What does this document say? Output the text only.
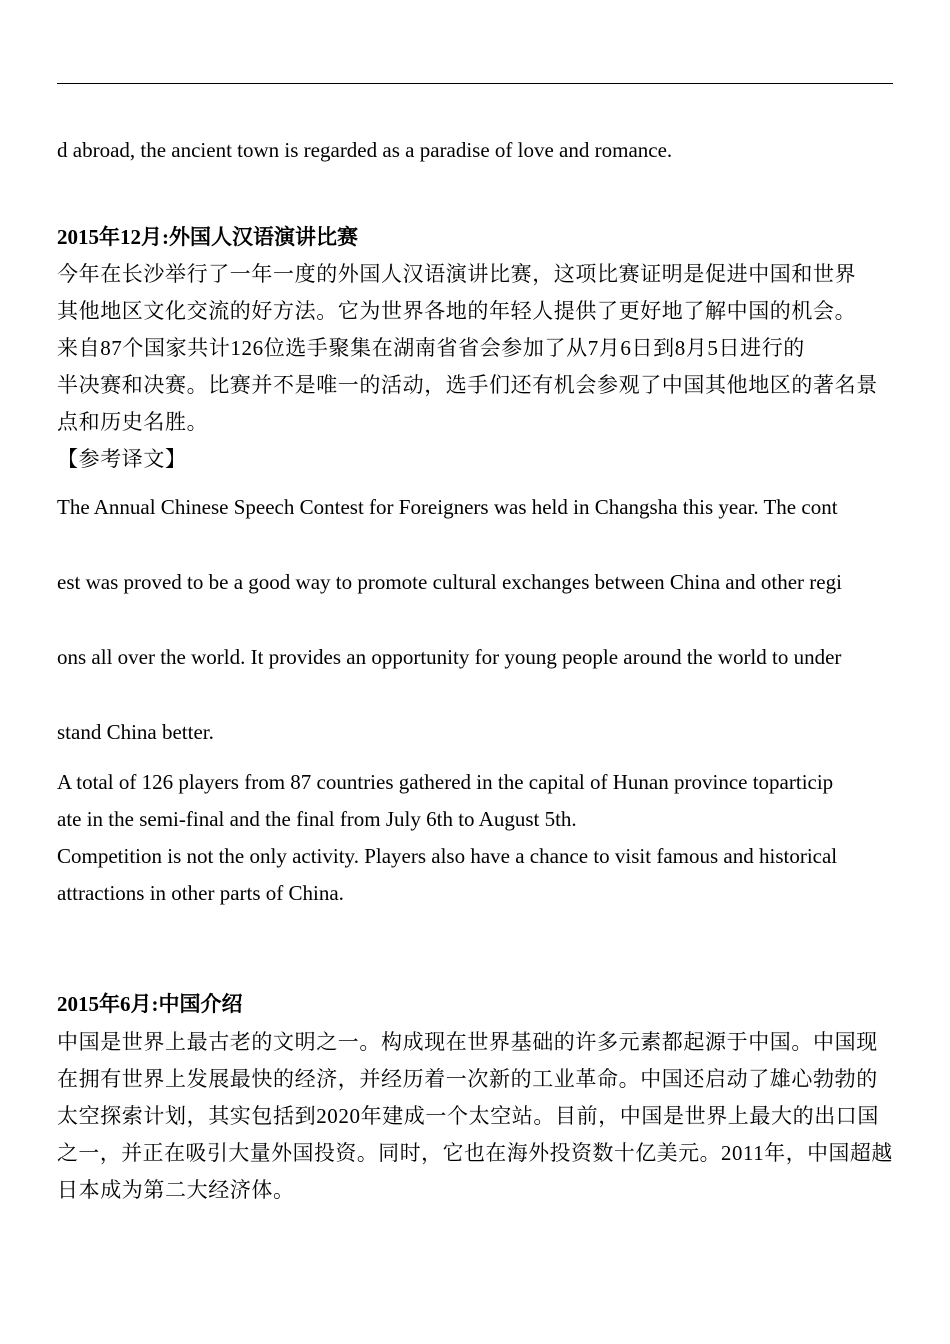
d abroad, the ancient town is regarded as a paradise of love and romance.
2015年12月:外国人汉语演讲比赛
今年在长沙举行了一年一度的外国人汉语演讲比赛，这项比赛证明是促进中国和世界
其他地区文化交流的好方法。它为世界各地的年轻人提供了更好地了解中国的机会。
来自87个国家共计126位选手聚集在湖南省省会参加了从7月6日到8月5日进行的
半决赛和决赛。比赛并不是唯一的活动，选手们还有机会参观了中国其他地区的著名景
点和历史名胜。
【参考译文】
The Annual Chinese Speech Contest for Foreigners was held in Changsha this year. The cont
est was proved to be a good way to promote cultural exchanges between China and other regi
ons all over the world. It provides an opportunity for young people around the world to under
stand China better.
A total of 126 players from 87 countries gathered in the capital of Hunan province toparticip
ate in the semi-final and the final from July 6th to August 5th.
Competition is not the only activity. Players also have a chance to visit famous and historical
attractions in other parts of China.
2015年6月:中国介绍
中国是世界上最古老的文明之一。构成现在世界基础的许多元素都起源于中国。中国现
在拥有世界上发展最快的经济，并经历着一次新的工业革命。中国还启动了雄心勃勃的
太空探索计划，其实包括到2020年建成一个太空站。目前，中国是世界上最大的出口国
之一，并正在吸引大量外国投资。同时，它也在海外投资数十亿美元。2011年，中国超越
日本成为第二大经济体。
